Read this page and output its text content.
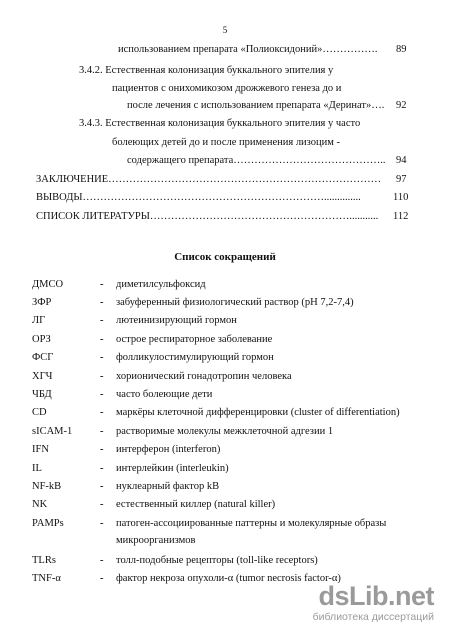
5
использованием препарата «Полиоксидоний»……………. 89
3.4.2. Естественная колонизация буккального эпителия у
пациентов с онихомикозом дрожжевого генеза до и
после лечения с использованием препарата «Деринат»…. 92
3.4.3. Естественная колонизация буккального эпителия у часто
болеющих детей до и после применения лизоцим -
содержащего препарата…………………………………….. 94
ЗАКЛЮЧЕНИЕ…………………………………………………………………… 97
ВЫВОДЫ……………………………………………………………..............	110
СПИСОК ЛИТЕРАТУРЫ…………………………………………………........... 112
Список сокращений
ДМСО	- диметилсульфоксид
ЗФР	- забуференный физиологический раствор (рН 7,2-7,4)
ЛГ	- лютеинизирующий гормон
ОРЗ	- острое респираторное заболевание
ФСГ	- фолликулостимулирующий гормон
ХГЧ	- хорионический гонадотропин человека
ЧБД	- часто болеющие дети
CD	- маркёры клеточной дифференцировки (cluster of differentiation)
sICAM-1	- растворимые молекулы межклеточной адгезии 1
IFN	- интерферон (interferon)
IL	- интерлейкин (interleukin)
NF-kB	- нуклеарный фактор kB
NK	- естественный киллер (natural killer)
PAMPs	- патоген-ассоциированные паттерны и молекулярные образы
микроорганизмов
TLRs	- толл-подобные рецепторы (toll-like receptors)
TNF-α	- фактор некроза опухоли-α (tumor necrosis factor-α)
dsLib.net
библиотека диссертаций
